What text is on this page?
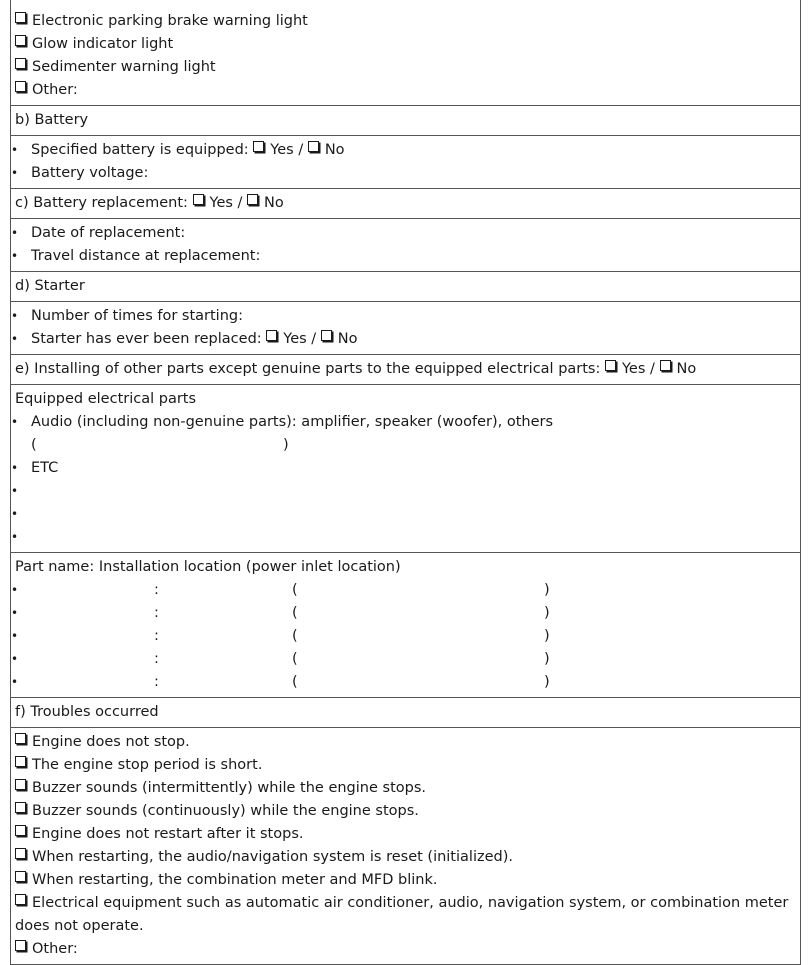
Electronic parking brake warning light
Glow indicator light
Sedimenter warning light
Other:
b) Battery
•Specified battery is equipped: Yes / No
•Battery voltage:
c) Battery replacement: Yes / No
•Date of replacement:
•Travel distance at replacement:
d) Starter
•Number of times for starting:
•Starter has ever been replaced: Yes / No
e) Installing of other parts except genuine parts to the equipped electrical parts: Yes / No
Equipped electrical parts
•Audio (including non-genuine parts): amplifier, speaker (woofer), others
(	)
•ETC
•
•
•
Part name: Installation location (power inlet location)
•
:	(	)
•
:	(	)
•
:	(	)
•
:	(	)
•
:	(	)
f) Troubles occurred
Engine does not stop.
The engine stop period is short.
Buzzer sounds (intermittently) while the engine stops.
Buzzer sounds (continuously) while the engine stops.
Engine does not restart after it stops.
When restarting, the audio/navigation system is reset (initialized).
When restarting, the combination meter and MFD blink.
Electrical equipment such as automatic air conditioner, audio, navigation system, or combination meter does not operate.
Other:
